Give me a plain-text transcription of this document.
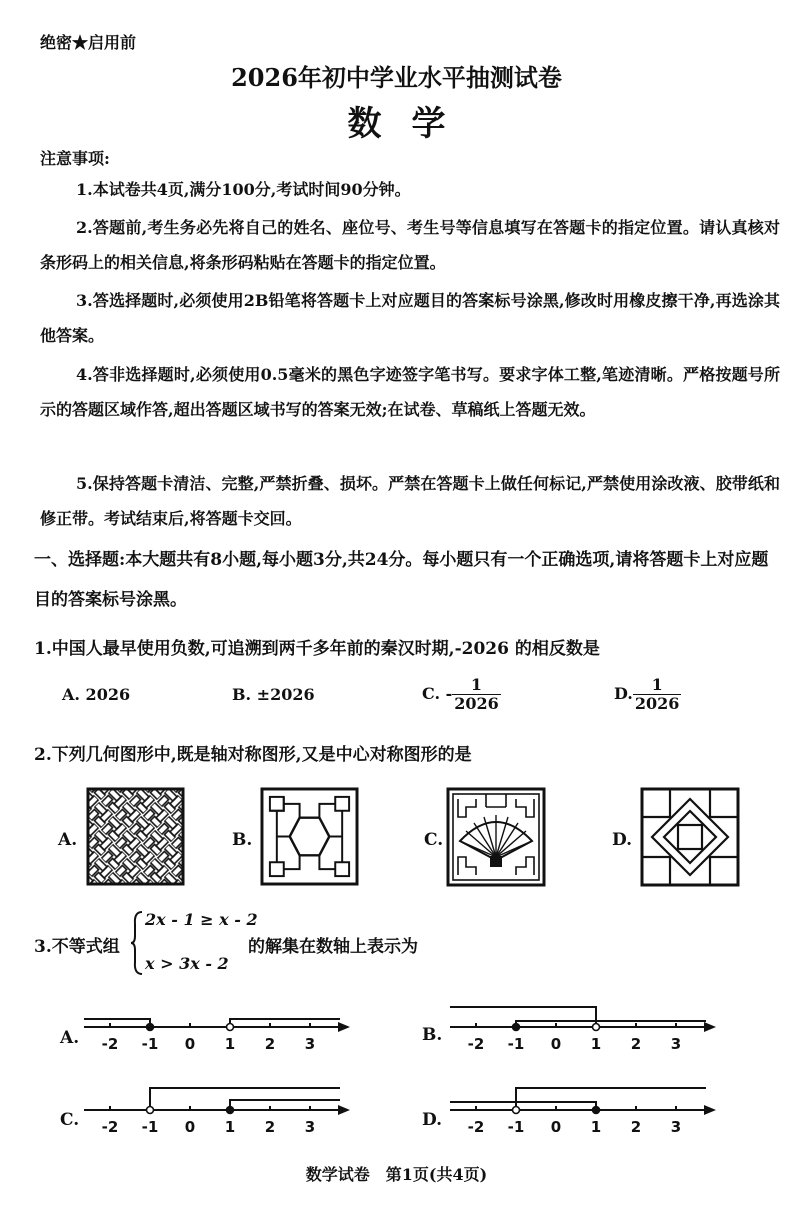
绝密★启用前
2026年初中学业水平抽测试卷
数学
注意事项:
1.本试卷共4页,满分100分,考试时间90分钟。
2.答题前,考生务必先将自己的姓名、座位号、考生号等信息填写在答题卡的指定位置。请认真核对条形码上的相关信息,将条形码粘贴在答题卡的指定位置。
3.答选择题时,必须使用2B铅笔将答题卡上对应题目的答案标号涂黑,修改时用橡皮擦干净,再选涂其他答案。
4.答非选择题时,必须使用0.5毫米的黑色字迹签字笔书写。要求字体工整,笔迹清晰。严格按题号所示的答题区域作答,超出答题区域书写的答案无效;在试卷、草稿纸上答题无效。
5.保持答题卡清洁、完整,严禁折叠、损坏。严禁在答题卡上做任何标记,严禁使用涂改液、胶带纸和修正带。考试结束后,将答题卡交回。
一、选择题:本大题共有8小题,每小题3分,共24分。每小题只有一个正确选项,请将答题卡上对应题目的答案标号涂黑。
1.中国人最早使用负数,可追溯到两千多年前的秦汉时期,-2026 的相反数是
A. 2026	B. ±2026	C. - $\frac{1}{2026}$	D. $\frac{1}{2026}$
2.下列几何图形中,既是轴对称图形,又是中心对称图形的是
A.	B.	C.	D.
3.不等式组
2x - 1 ≥ x - 2
x > 3x - 2
的解集在数轴上表示为
A.	B.
C.	D.
-2 -1 0 1 2 3	-2 -1 0 1 2 3
-2 -1 0 1 2 3	-2 -1 0 1 2 3
数学试卷　第1页(共4页)
